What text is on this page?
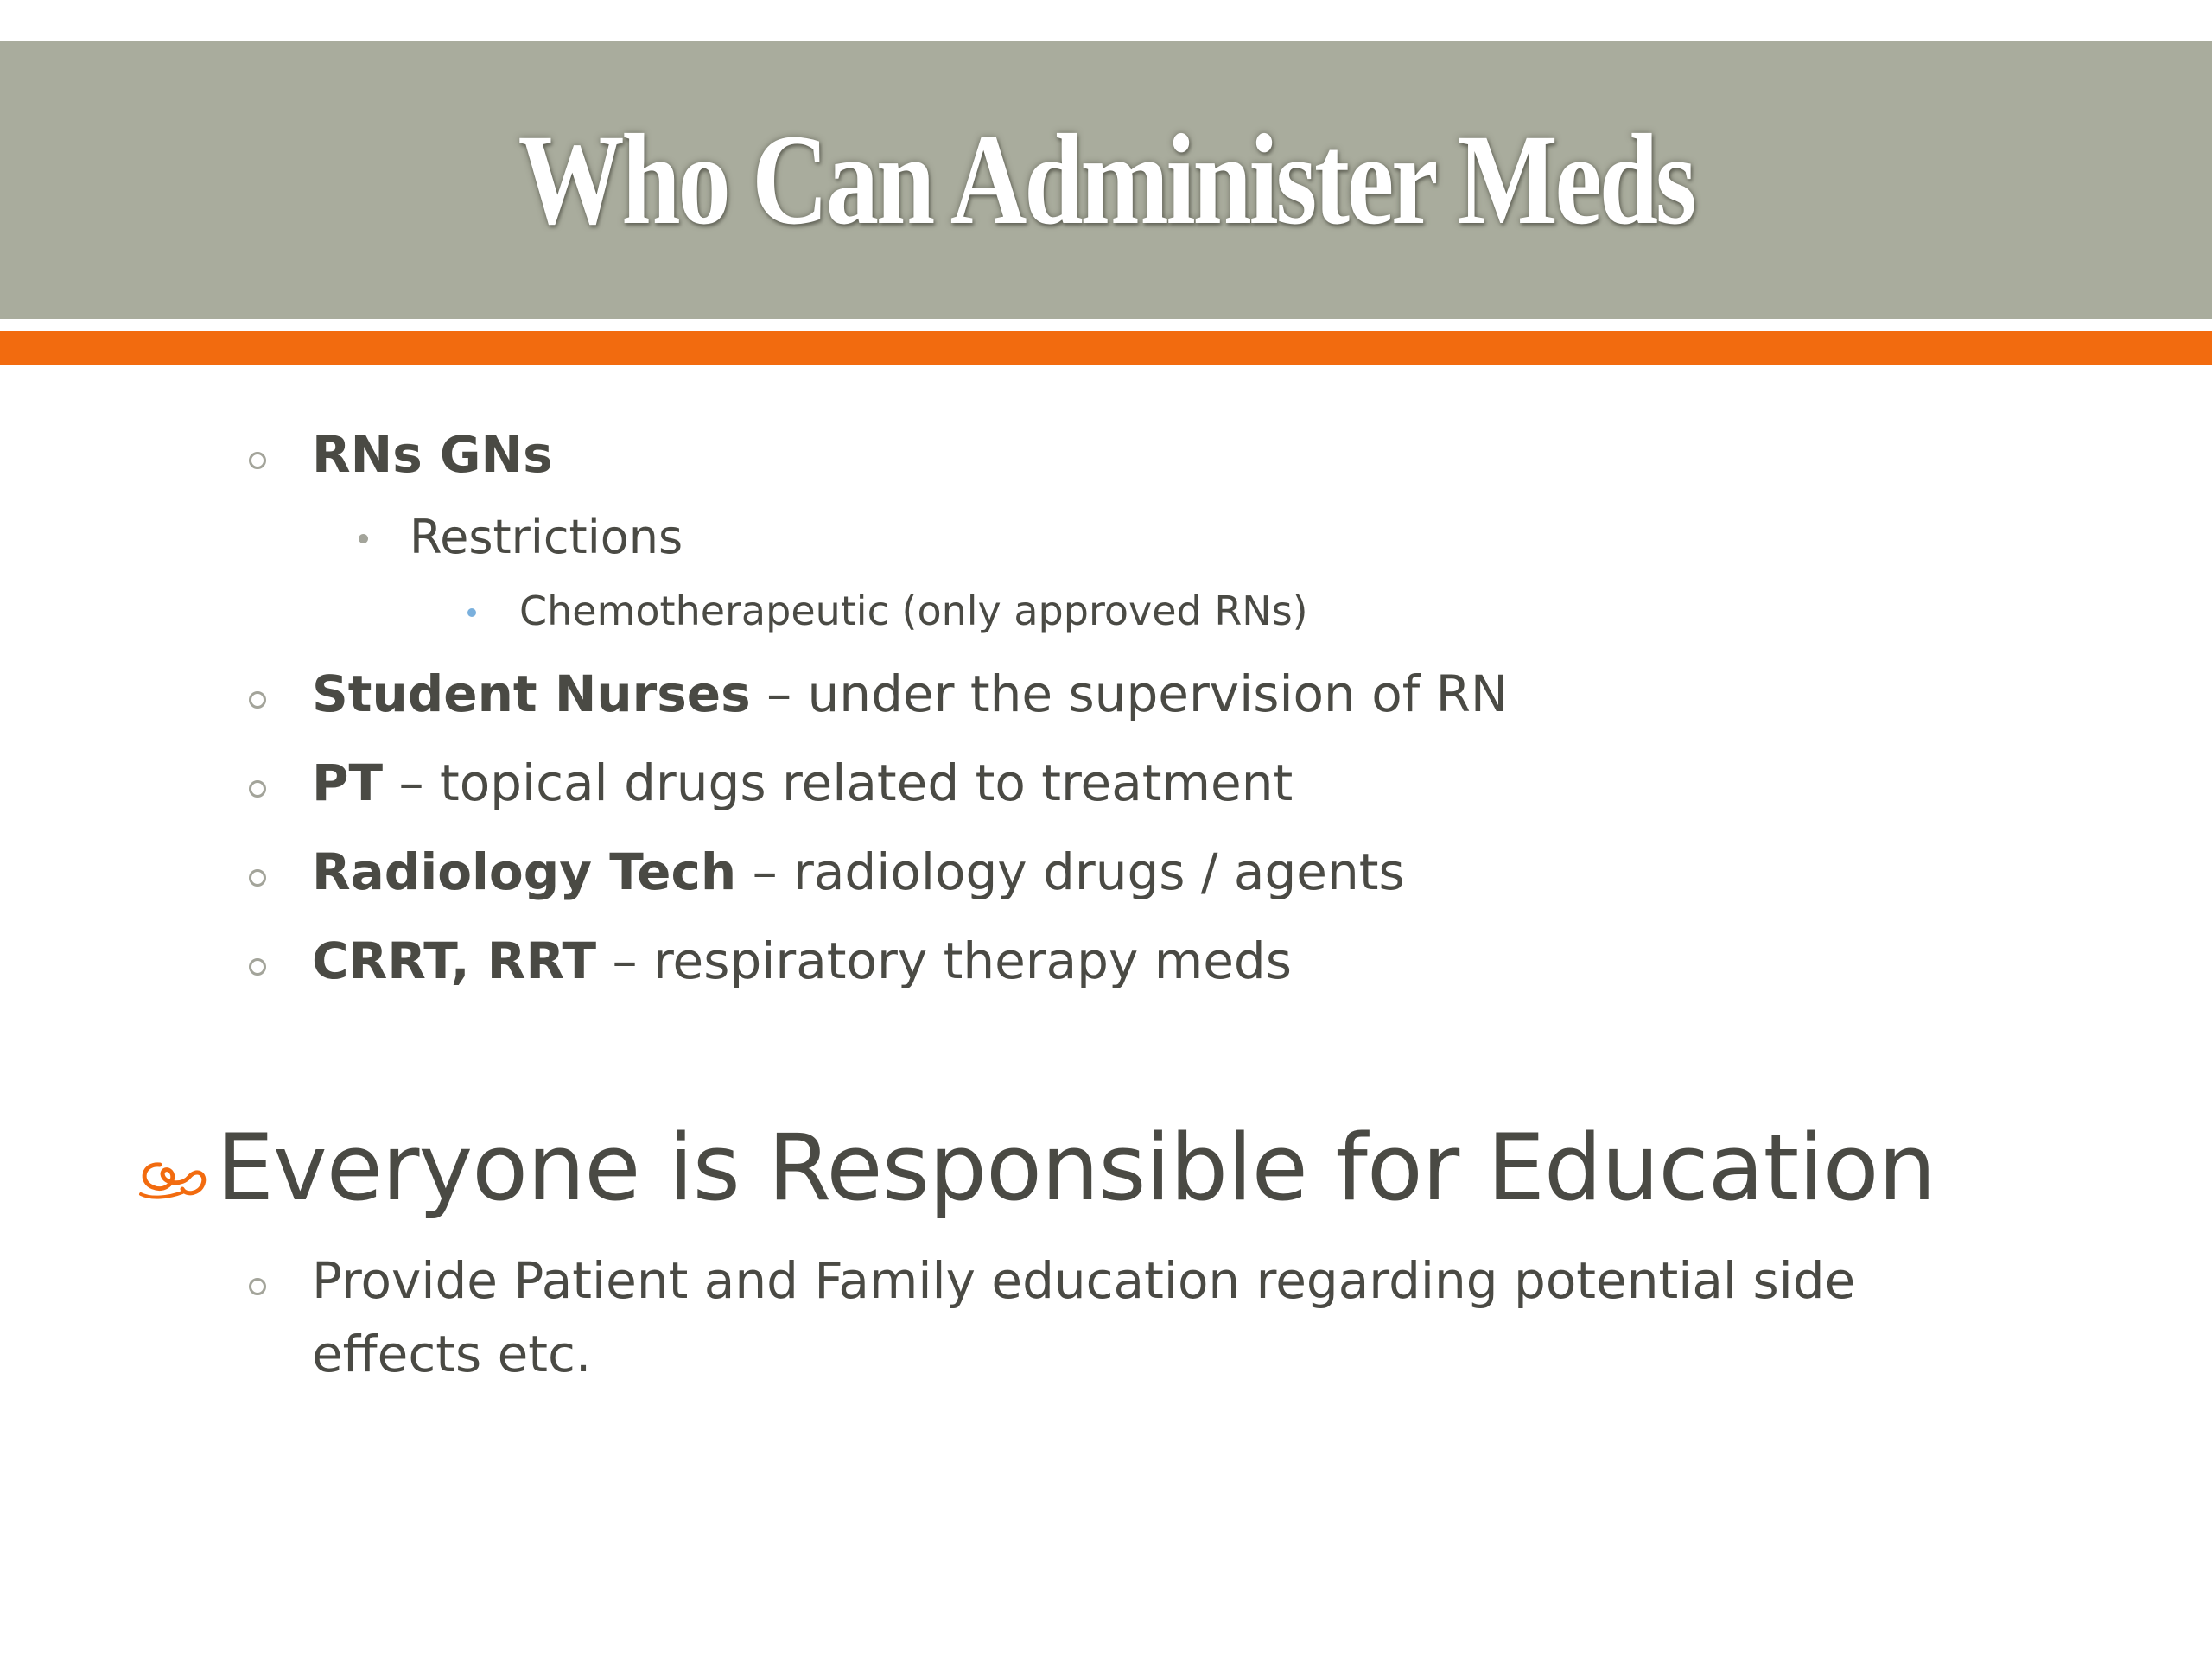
Who Can Administer Meds
RNs GNs
Restrictions
Chemotherapeutic (only approved RNs)
Student Nurses – under the supervision of RN
PT – topical drugs related to treatment
Radiology Tech – radiology drugs / agents
CRRT, RRT – respiratory therapy meds
Everyone is Responsible for Education
Provide Patient and Family education regarding potential side
effects etc.
